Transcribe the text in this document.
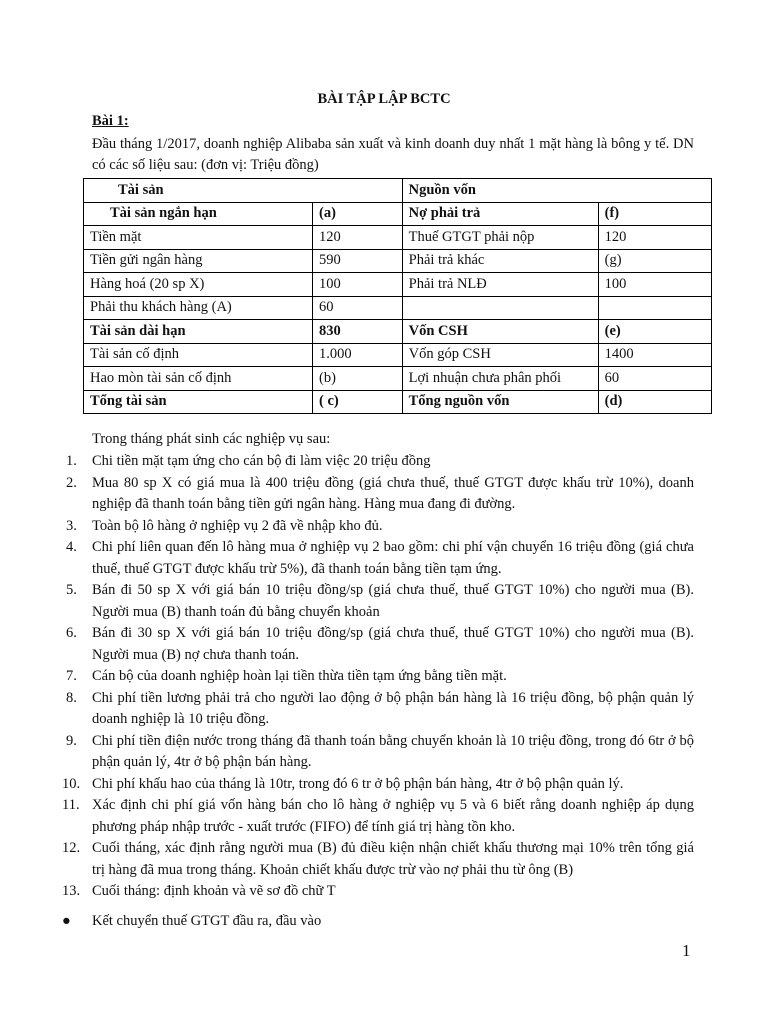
BÀI TẬP LẬP BCTC
Bài 1:
Đầu tháng 1/2017, doanh nghiệp Alibaba sản xuất và kinh doanh duy nhất 1 mặt hàng là bông y tế. DN có các số liệu sau: (đơn vị: Triệu đồng)
Tài sản		Nguồn vốn	
Tài sản ngắn hạn	(a)	Nợ phải trả	(f)
Tiền mặt	120	Thuế GTGT phải nộp	120
Tiền gửi ngân hàng	590	Phải trả khác	(g)
Hàng hoá (20 sp X)	100	Phải trả NLĐ	100
Phải thu khách hàng (A)	60		
Tài sản dài hạn	830	Vốn CSH	(e)
Tài sản cố định	1.000	Vốn góp CSH	1400
Hao mòn tài sản cố định	(b)	Lợi nhuận chưa phân phối	60
Tổng tài sản	( c)	Tổng nguồn vốn	(d)
Trong tháng phát sinh các nghiệp vụ sau:
1.	Chi tiền mặt tạm ứng cho cán bộ đi làm việc 20 triệu đồng
2.	Mua 80 sp X có giá mua là 400 triệu đồng (giá chưa thuế, thuế GTGT được khấu trừ 10%), doanh nghiệp đã thanh toán bằng tiền gửi ngân hàng. Hàng mua đang đi đường.
3.	Toàn bộ lô hàng ở nghiệp vụ 2 đã về nhập kho đủ.
4.	Chi phí liên quan đến lô hàng mua ở nghiệp vụ 2 bao gồm: chi phí vận chuyển 16 triệu đồng (giá chưa thuế, thuế GTGT được khấu trừ 5%), đã thanh toán bằng tiền tạm ứng.
5.	Bán đi 50 sp X với giá bán 10 triệu đồng/sp (giá chưa thuế, thuế GTGT 10%) cho người mua (B). Người mua (B) thanh toán đủ bằng chuyển khoản
6.	Bán đi 30 sp X với giá bán 10 triệu đồng/sp (giá chưa thuế, thuế GTGT 10%) cho người mua (B). Người mua (B) nợ chưa thanh toán.
7.	Cán bộ của doanh nghiệp hoàn lại tiền thừa tiền tạm ứng bằng tiền mặt.
8.	Chi phí tiền lương phải trả cho người lao động ở bộ phận bán hàng là 16 triệu đồng, bộ phận quản lý doanh nghiệp là 10 triệu đồng.
9.	Chi phí tiền điện nước trong tháng đã thanh toán bằng chuyển khoản là 10 triệu đồng, trong đó 6tr ở bộ phận quản lý, 4tr ở bộ phận bán hàng.
10. Chi phí khấu hao của tháng là 10tr, trong đó 6 tr ở bộ phận bán hàng, 4tr ở bộ phận quản lý.
11. Xác định chi phí giá vốn hàng bán cho lô hàng ở nghiệp vụ 5 và 6 biết rằng doanh nghiệp áp dụng phương pháp nhập trước - xuất trước (FIFO) để tính giá trị hàng tồn kho.
12. Cuối tháng, xác định rằng người mua (B) đủ điều kiện nhận chiết khấu thương mại 10% trên tổng giá trị hàng đã mua trong tháng. Khoản chiết khấu được trừ vào nợ phải thu từ ông (B)
13. Cuối tháng: định khoản và vẽ sơ đồ chữ T
● Kết chuyển thuế GTGT đầu ra, đầu vào
1
